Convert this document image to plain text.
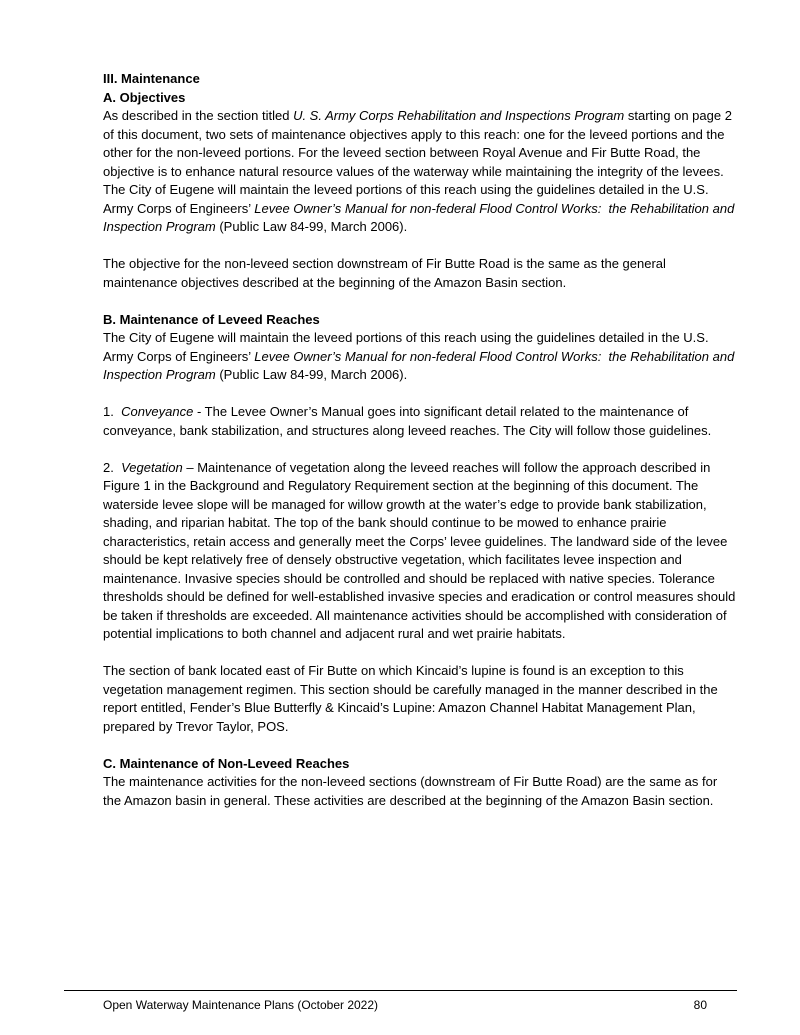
III. Maintenance
A. Objectives
As described in the section titled U. S. Army Corps Rehabilitation and Inspections Program starting on page 2 of this document, two sets of maintenance objectives apply to this reach: one for the leveed portions and the other for the non-leveed portions. For the leveed section between Royal Avenue and Fir Butte Road, the objective is to enhance natural resource values of the waterway while maintaining the integrity of the levees. The City of Eugene will maintain the leveed portions of this reach using the guidelines detailed in the U.S. Army Corps of Engineers’ Levee Owner’s Manual for non-federal Flood Control Works:  the Rehabilitation and Inspection Program (Public Law 84-99, March 2006).
The objective for the non-leveed section downstream of Fir Butte Road is the same as the general maintenance objectives described at the beginning of the Amazon Basin section.
B. Maintenance of Leveed Reaches
The City of Eugene will maintain the leveed portions of this reach using the guidelines detailed in the U.S. Army Corps of Engineers’ Levee Owner’s Manual for non-federal Flood Control Works:  the Rehabilitation and Inspection Program (Public Law 84-99, March 2006).
1.  Conveyance - The Levee Owner’s Manual goes into significant detail related to the maintenance of conveyance, bank stabilization, and structures along leveed reaches. The City will follow those guidelines.
2.  Vegetation – Maintenance of vegetation along the leveed reaches will follow the approach described in Figure 1 in the Background and Regulatory Requirement section at the beginning of this document. The waterside levee slope will be managed for willow growth at the water’s edge to provide bank stabilization, shading, and riparian habitat. The top of the bank should continue to be mowed to enhance prairie characteristics, retain access and generally meet the Corps’ levee guidelines. The landward side of the levee should be kept relatively free of densely obstructive vegetation, which facilitates levee inspection and maintenance. Invasive species should be controlled and should be replaced with native species. Tolerance thresholds should be defined for well-established invasive species and eradication or control measures should be taken if thresholds are exceeded. All maintenance activities should be accomplished with consideration of potential implications to both channel and adjacent rural and wet prairie habitats.
The section of bank located east of Fir Butte on which Kincaid’s lupine is found is an exception to this vegetation management regimen. This section should be carefully managed in the manner described in the report entitled, Fender’s Blue Butterfly & Kincaid’s Lupine: Amazon Channel Habitat Management Plan, prepared by Trevor Taylor, POS.
C. Maintenance of Non-Leveed Reaches
The maintenance activities for the non-leveed sections (downstream of Fir Butte Road) are the same as for the Amazon basin in general. These activities are described at the beginning of the Amazon Basin section.
Open Waterway Maintenance Plans (October 2022)	80
